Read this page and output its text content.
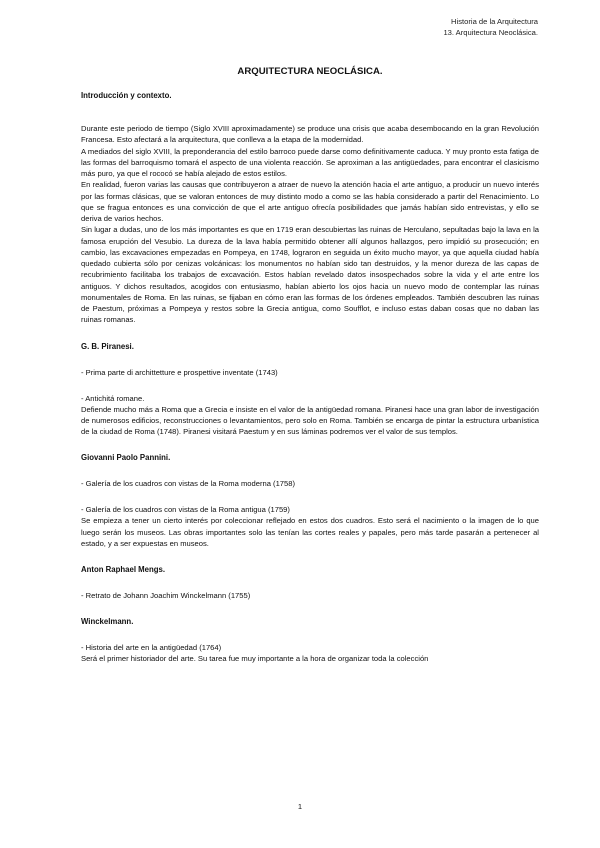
Historia de la Arquitectura
13. Arquitectura Neoclásica.

ARQUITECTURA NEOCLÁSICA.

Introducción y contexto.

Durante este periodo de tiempo (Siglo XVIII aproximadamente) se produce una crisis que acaba desembocando en la gran Revolución Francesa. Esto afectará a la arquitectura, que conlleva a la etapa de la modernidad.

A mediados del siglo XVIII, la preponderancia del estilo barroco puede darse como definitivamente caduca. Y muy pronto esta fatiga de las formas del barroquismo tomará el aspecto de una violenta reacción. Se aproximan a las antigüedades, para encontrar el clasicismo más puro, ya que el rococó se había alejado de estos estilos.

En realidad, fueron varias las causas que contribuyeron a atraer de nuevo la atención hacia el arte antiguo, a producir un nuevo interés por las formas clásicas, que se valoran entonces de muy distinto modo a como se las había considerado a partir del Renacimiento. Lo que se fragua entonces es una convicción de que el arte antiguo ofrecía posibilidades que jamás habían sido entrevistas, y ello se deriva de varios hechos.

Sin lugar a dudas, uno de los más importantes es que en 1719 eran descubiertas las ruinas de Herculano, sepultadas bajo la lava en la famosa erupción del Vesubio. La dureza de la lava había permitido obtener allí algunos hallazgos, pero impidió su prosecución; en cambio, las excavaciones empezadas en Pompeya, en 1748, lograron en seguida un éxito mucho mayor, ya que aquella ciudad había quedado cubierta sólo por cenizas volcánicas: los monumentos no habían sido tan destruidos, y la menor dureza de las capas de recubrimiento facilitaba los trabajos de excavación. Estos habían revelado datos insospechados sobre la vida y el arte entre los antiguos. Y dichos resultados, acogidos con entusiasmo, habían abierto los ojos hacia un nuevo modo de contemplar las ruinas monumentales de Roma. En las ruinas, se fijaban en cómo eran las formas de los órdenes empleados. También descubren las ruinas de Paestum, próximas a Pompeya y restos sobre la Grecia antigua, como Soufflot, e incluso estas daban cosas que no daban las ruinas romanas.

G. B. Piranesi.

- Prima parte di archittetture e prospettive inventate (1743)

- Antichitá romane.

Defiende mucho más a Roma que a Grecia e insiste en el valor de la antigüedad romana. Piranesi hace una gran labor de investigación de numerosos edificios, reconstrucciones o levantamientos, pero solo en Roma. También se encarga de pintar la estructura urbanística de la ciudad de Roma (1748). Piranesi visitará Paestum y en sus láminas podremos ver el valor de sus templos.

Giovanni Paolo Pannini.

- Galería de los cuadros con vistas de la Roma moderna (1758)

- Galería de los cuadros con vistas de la Roma antigua (1759)

Se empieza a tener un cierto interés por coleccionar reflejado en estos dos cuadros. Esto será el nacimiento o la imagen de lo que luego serán los museos. Las obras importantes solo las tenían las cortes reales y papales, pero más tarde pasarán a pertenecer al estado, y a ser expuestas en museos.

Anton Raphael Mengs.

- Retrato de Johann Joachim Winckelmann (1755)

Winckelmann.

- Historia del arte en la antigüedad (1764)

Será el primer historiador del arte. Su tarea fue muy importante a la hora de organizar toda la colección

1
